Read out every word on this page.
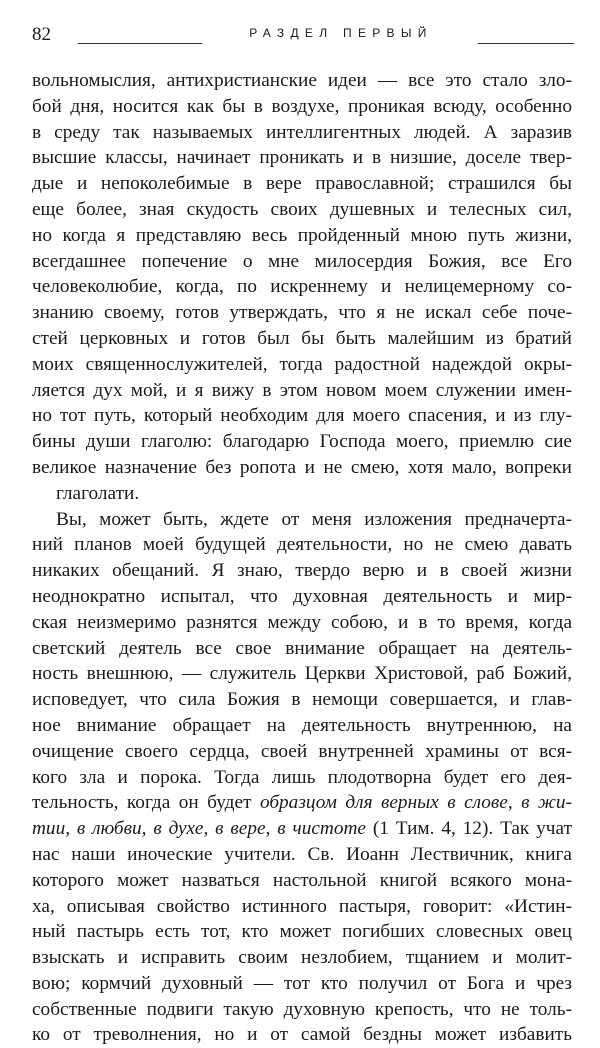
82	РАЗДЕЛ ПЕРВЫЙ
вольномыслия, антихристианские идеи — все это стало зло-
бой дня, носится как бы в воздухе, проникая всюду, особенно
в среду так называемых интеллигентных людей. А заразив
высшие классы, начинает проникать и в низшие, доселе твер-
дые и непоколебимые в вере православной; страшился бы
еще более, зная скудость своих душевных и телесных сил,
но когда я представляю весь пройденный мною путь жизни,
всегдашнее попечение о мне милосердия Божия, все Его
человеколюбие, когда, по искреннему и нелицемерному со-
знанию своему, готов утверждать, что я не искал себе поче-
стей церковных и готов был бы быть малейшим из братий
моих священнослужителей, тогда радостной надеждой окры-
ляется дух мой, и я вижу в этом новом моем служении имен-
но тот путь, который необходим для моего спасения, и из глу-
бины души глаголю: благодарю Господа моего, приемлю сие
великое назначение без ропота и не смею, хотя мало, вопреки
глаголати.
Вы, может быть, ждете от меня изложения предначерта-
ний планов моей будущей деятельности, но не смею давать
никаких обещаний. Я знаю, твердо верю и в своей жизни
неоднократно испытал, что духовная деятельность и мир-
ская неизмеримо разнятся между собою, и в то время, когда
светский деятель все свое внимание обращает на деятель-
ность внешнюю, — служитель Церкви Христовой, раб Божий,
исповедует, что сила Божия в немощи совершается, и глав-
ное внимание обращает на деятельность внутреннюю, на
очищение своего сердца, своей внутренней храмины от вся-
кого зла и порока. Тогда лишь плодотворна будет его дея-
тельность, когда он будет образцом для верных в слове, в жи-
тии, в любви, в духе, в вере, в чистоте (1 Тим. 4, 12). Так учат
нас наши иноческие учители. Св. Иоанн Лествичник, книга
которого может назваться настольной книгой всякого мона-
ха, описывая свойство истинного пастыря, говорит: «Истин-
ный пастырь есть тот, кто может погибших словесных овец
взыскать и исправить своим незлобием, тщанием и молит-
вою; кормчий духовный — тот кто получил от Бога и чрез
собственные подвиги такую духовную крепость, что не толь-
ко от треволнения, но и от самой бездны может избавить
